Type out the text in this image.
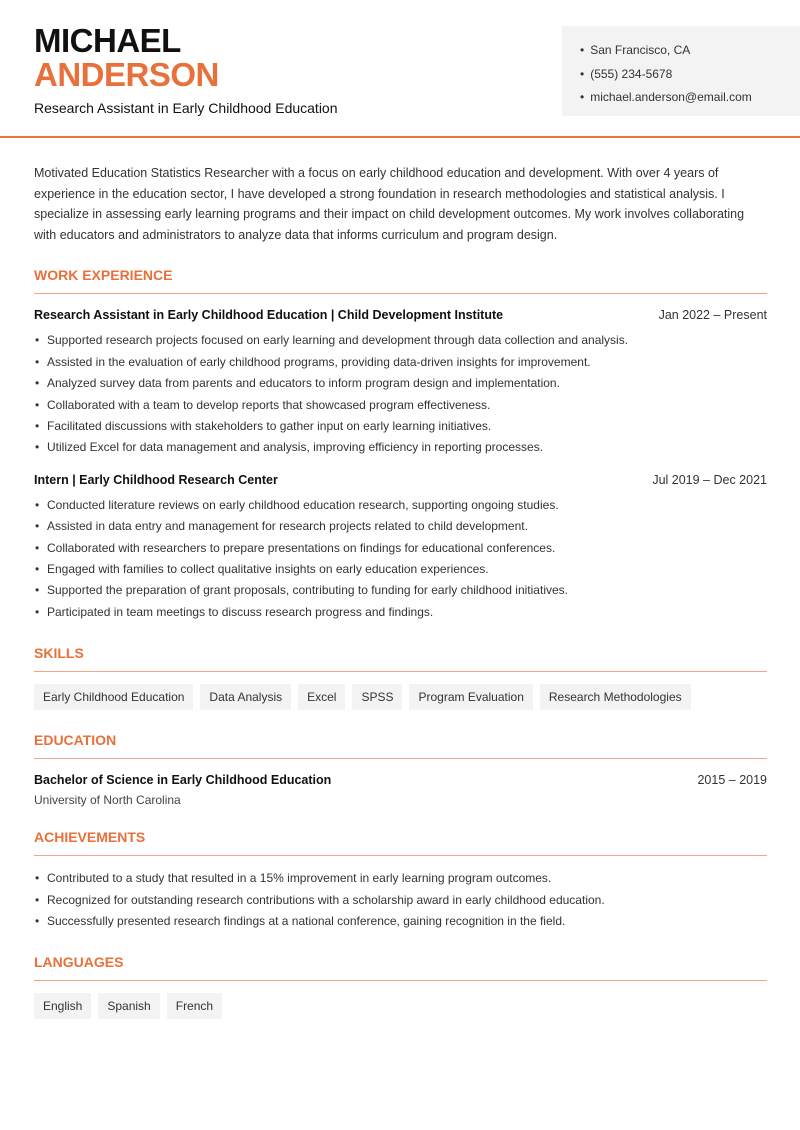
MICHAEL
ANDERSON
Research Assistant in Early Childhood Education
• San Francisco, CA
• (555) 234-5678
• michael.anderson@email.com

Motivated Education Statistics Researcher with a focus on early childhood education and development. With over 4 years of experience in the education sector, I have developed a strong foundation in research methodologies and statistical analysis. I specialize in assessing early learning programs and their impact on child development outcomes. My work involves collaborating with educators and administrators to analyze data that informs curriculum and program design.

WORK EXPERIENCE
Research Assistant in Early Childhood Education | Child Development Institute	Jan 2022 – Present
• Supported research projects focused on early learning and development through data collection and analysis.
• Assisted in the evaluation of early childhood programs, providing data-driven insights for improvement.
• Analyzed survey data from parents and educators to inform program design and implementation.
• Collaborated with a team to develop reports that showcased program effectiveness.
• Facilitated discussions with stakeholders to gather input on early learning initiatives.
• Utilized Excel for data management and analysis, improving efficiency in reporting processes.
Intern | Early Childhood Research Center	Jul 2019 – Dec 2021
• Conducted literature reviews on early childhood education research, supporting ongoing studies.
• Assisted in data entry and management for research projects related to child development.
• Collaborated with researchers to prepare presentations on findings for educational conferences.
• Engaged with families to collect qualitative insights on early education experiences.
• Supported the preparation of grant proposals, contributing to funding for early childhood initiatives.
• Participated in team meetings to discuss research progress and findings.
SKILLS
Early Childhood Education	Data Analysis	Excel	SPSS	Program Evaluation	Research Methodologies
EDUCATION
Bachelor of Science in Early Childhood Education	2015 – 2019
University of North Carolina
ACHIEVEMENTS
• Contributed to a study that resulted in a 15% improvement in early learning program outcomes.
• Recognized for outstanding research contributions with a scholarship award in early childhood education.
• Successfully presented research findings at a national conference, gaining recognition in the field.
LANGUAGES
English	Spanish	French
